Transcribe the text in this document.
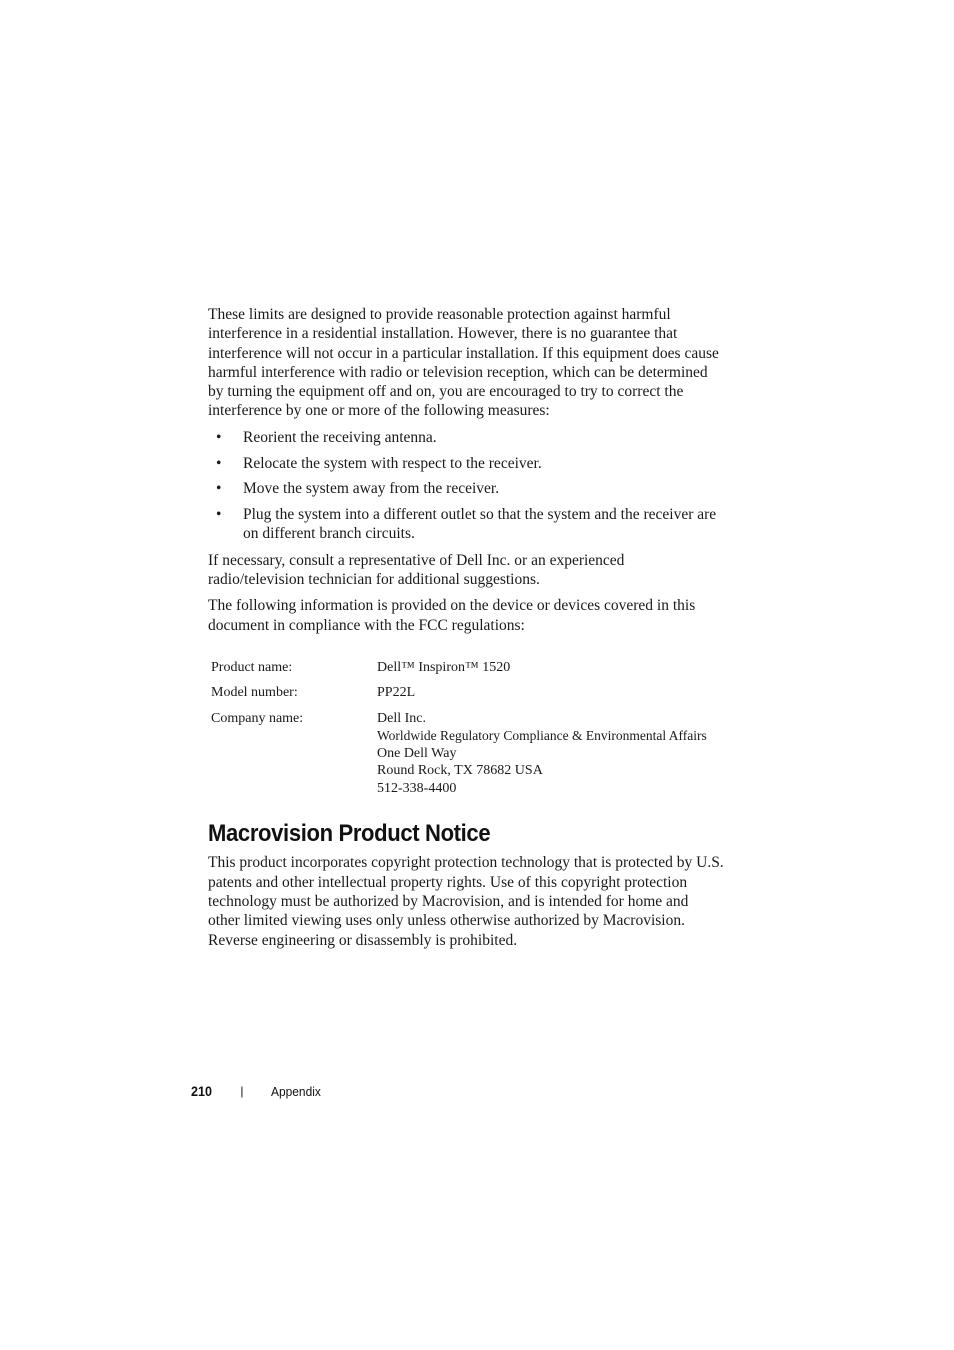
These limits are designed to provide reasonable protection against harmful interference in a residential installation. However, there is no guarantee that interference will not occur in a particular installation. If this equipment does cause harmful interference with radio or television reception, which can be determined by turning the equipment off and on, you are encouraged to try to correct the interference by one or more of the following measures:

• Reorient the receiving antenna.
• Relocate the system with respect to the receiver.
• Move the system away from the receiver.
• Plug the system into a different outlet so that the system and the receiver are on different branch circuits.

If necessary, consult a representative of Dell Inc. or an experienced radio/television technician for additional suggestions.

The following information is provided on the device or devices covered in this document in compliance with the FCC regulations:

Product name:	Dell™ Inspiron™ 1520
Model number:	PP22L
Company name:	Dell Inc.
Worldwide Regulatory Compliance & Environmental Affairs
One Dell Way
Round Rock, TX 78682 USA
512-338-4400
Macrovision Product Notice

This product incorporates copyright protection technology that is protected by U.S. patents and other intellectual property rights. Use of this copyright protection technology must be authorized by Macrovision, and is intended for home and other limited viewing uses only unless otherwise authorized by Macrovision. Reverse engineering or disassembly is prohibited.

210 | Appendix
